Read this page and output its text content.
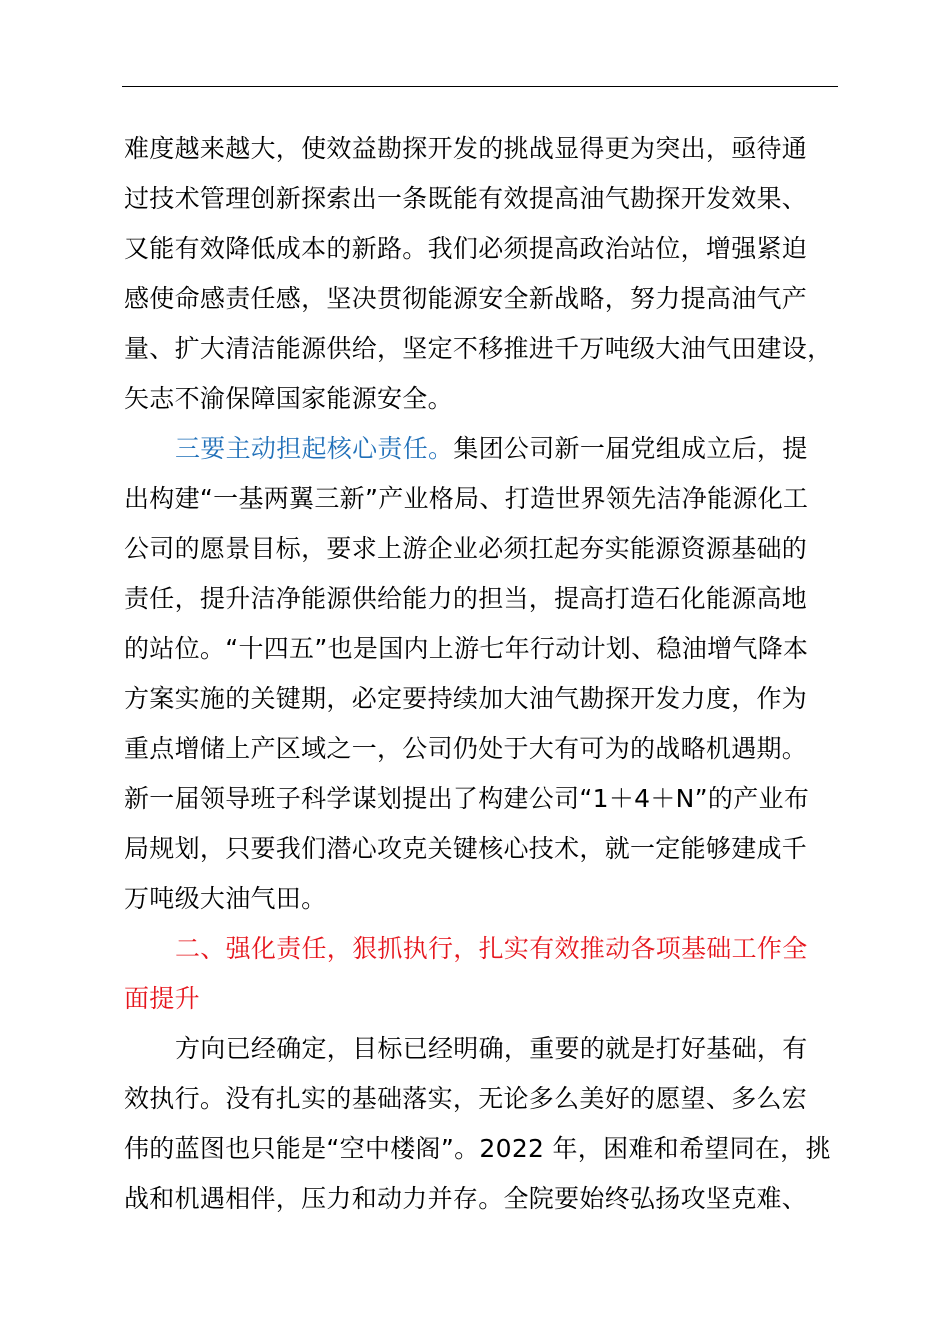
难度越来越大，使效益勘探开发的挑战显得更为突出，亟待通
过技术管理创新探索出一条既能有效提高油气勘探开发效果、
又能有效降低成本的新路。我们必须提高政治站位，增强紧迫
感使命感责任感，坚决贯彻能源安全新战略，努力提高油气产
量、扩大清洁能源供给，坚定不移推进千万吨级大油气田建设，
矢志不渝保障国家能源安全。
三要主动担起核心责任。集团公司新一届党组成立后，提
出构建“一基两翼三新”产业格局、打造世界领先洁净能源化工
公司的愿景目标，要求上游企业必须扛起夯实能源资源基础的
责任，提升洁净能源供给能力的担当，提高打造石化能源高地
的站位。“十四五”也是国内上游七年行动计划、稳油增气降本
方案实施的关键期，必定要持续加大油气勘探开发力度，作为
重点增储上产区域之一，公司仍处于大有可为的战略机遇期。
新一届领导班子科学谋划提出了构建公司“1＋4＋N”的产业布
局规划，只要我们潜心攻克关键核心技术，就一定能够建成千
万吨级大油气田。
二、强化责任，狠抓执行，扎实有效推动各项基础工作全
面提升
方向已经确定，目标已经明确，重要的就是打好基础，有
效执行。没有扎实的基础落实，无论多么美好的愿望、多么宏
伟的蓝图也只能是“空中楼阁”。2022 年，困难和希望同在，挑
战和机遇相伴，压力和动力并存。全院要始终弘扬攻坚克难、
